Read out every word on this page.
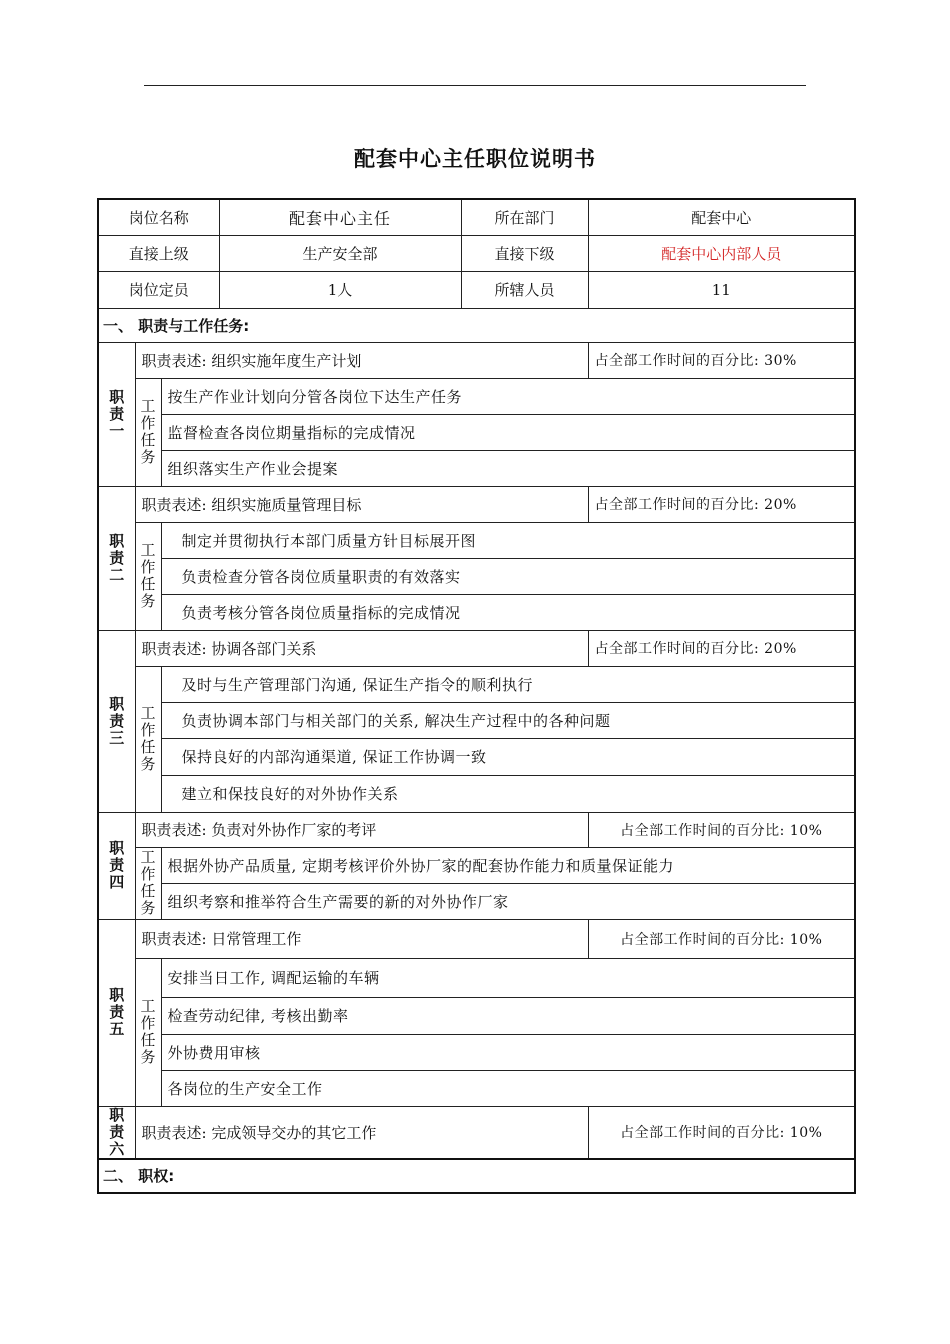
配套中心主任职位说明书
岗位名称			配套中心主任	所在部门	配套中心
直接上级			生产安全部	直接下级	配套中心内部人员
岗位定员			1人	所辖人员	11
一、 职责与工作任务:					

职
责
一	职责表述: 组织实施年度生产计划				占全部工作时间的百分比: 30%

	工
作
任
务	按生产作业计划向分管各岗位下达生产任务			
		监督检查各岗位期量指标的完成情况			
		组织落实生产作业会提案			

职
责
二	职责表述: 组织实施质量管理目标				占全部工作时间的百分比: 20%

	工
作
任
务	制定并贯彻执行本部门质量方针目标展开图			
		负责检查分管各岗位质量职责的有效落实			
		负责考核分管各岗位质量指标的完成情况			

职
责
三	职责表述: 协调各部门关系				占全部工作时间的百分比: 20%

	工
作
任
务	及时与生产管理部门沟通, 保证生产指令的顺利执行			
		负责协调本部门与相关部门的关系, 解决生产过程中的各种问题			
		保持良好的内部沟通渠道, 保证工作协调一致			
		建立和保技良好的对外协作关系			

职
责
四	职责表述: 负责对外协作厂家的考评				占全部工作时间的百分比: 10%

	工
作
任
务	根据外协产品质量, 定期考核评价外协厂家的配套协作能力和质量保证能力			
		组织考察和推举符合生产需要的新的对外协作厂家			

职
责
五	职责表述: 日常管理工作				占全部工作时间的百分比: 10%

	工
作
任
务	安排当日工作, 调配运输的车辆			
		检查劳动纪律, 考核出勤率			
		外协费用审核			
		各岗位的生产安全工作			

职
责
六	职责表述: 完成领导交办的其它工作				占全部工作时间的百分比: 10%
二、 职权:					
